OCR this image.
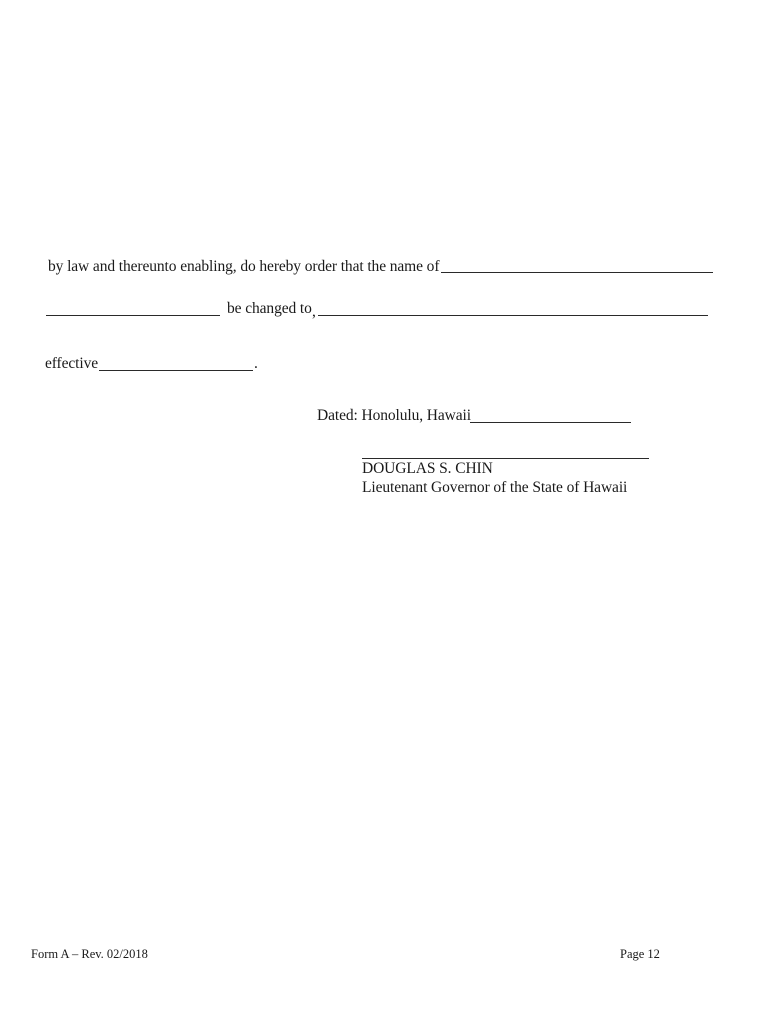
by law and thereunto enabling, do hereby order that the name of
be changed to ,
effective	.
Dated: Honolulu, Hawaii
DOUGLAS S. CHIN
Lieutenant Governor of the State of Hawaii
Form A – Rev. 02/2018	Page 12
